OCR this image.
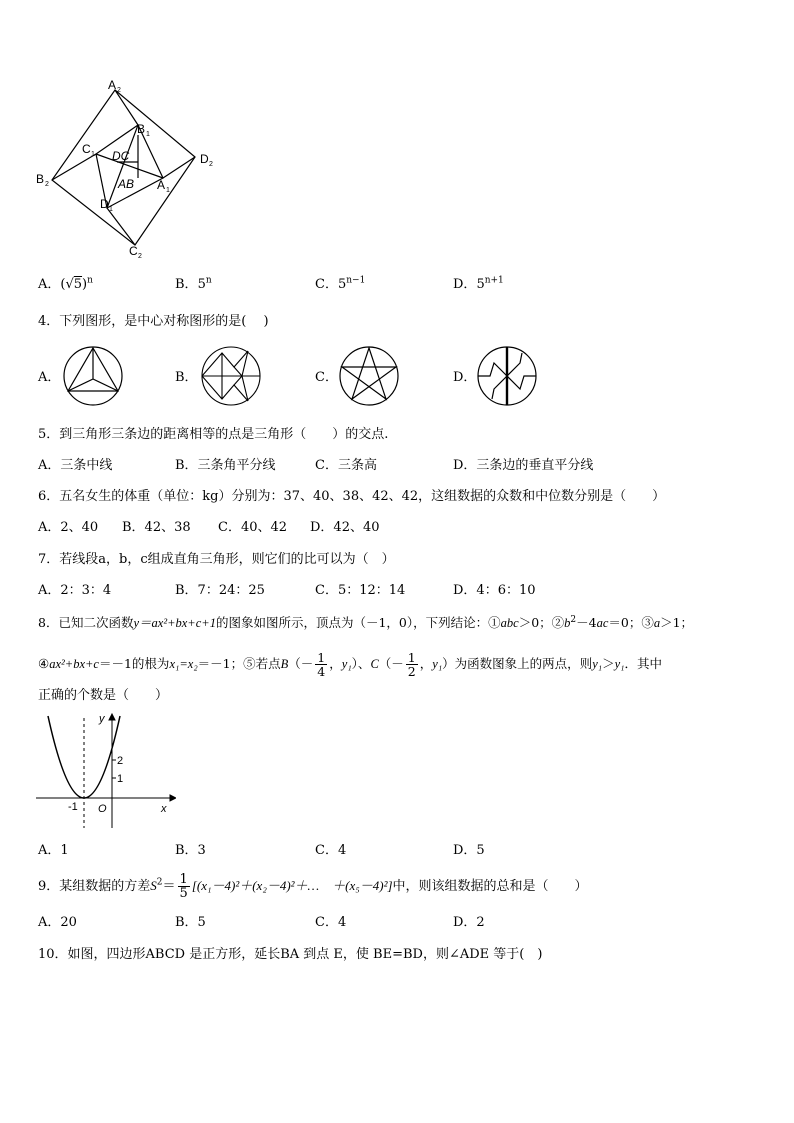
A 2
B 1
C 1	D 2
B 2	A 1
D 1
C 2
DC
AB
A．$(√5)^n$	B．5$^n$	C．$5^{n-1}$	D．$5^{n+1}$
4．下列图形，是中心对称图形的是(　 )
A．	B．	C．	D．
5．到三角形三条边的距离相等的点是三角形（　　）的交点.
A．三条中线	B．三条角平分线	C．三条高	D．三条边的垂直平分线
6．五名女生的体重（单位：kg）分别为：37、40、38、42、42，这组数据的众数和中位数分别是（　　）
A．2、40 B．42、38 C．40、42 D．42、40
7．若线段a，b，c组成直角三角形，则它们的比可以为（　）
A．2：3：4	B．7：24：25	C．5：12：14	D．4：6：10
8．已知二次函数y＝ax²+bx+c+1的图象如图所示，顶点为（－1，0），下列结论：①abc＞0；$②b^2-4ac=0$；③a＞1；
④ax²+bx+c＝－1的根为x₁=x₂＝－1；⑤若点$B(- \frac{1}{4}$ ，y₁）、$C(- \frac{1}{2}$ ，y₁）为函数图象上的两点，则y₁＞y₁．其中
正确的个数是（　　）
y
x
O
-1
2
1
A．1	B．3	C．4	D．5
9．某组数据的方差$S^2= \frac{1}{5}$ [(x₁－4)²＋(x₂－4)²＋…　＋(x₅－4)²]中，则该组数据的总和是（　　）
A．20	B．5	C．4	D．2
10．如图，四边形ABCD 是正方形，延长BA 到点 E，使 BE=BD，则∠ADE 等于(　)
